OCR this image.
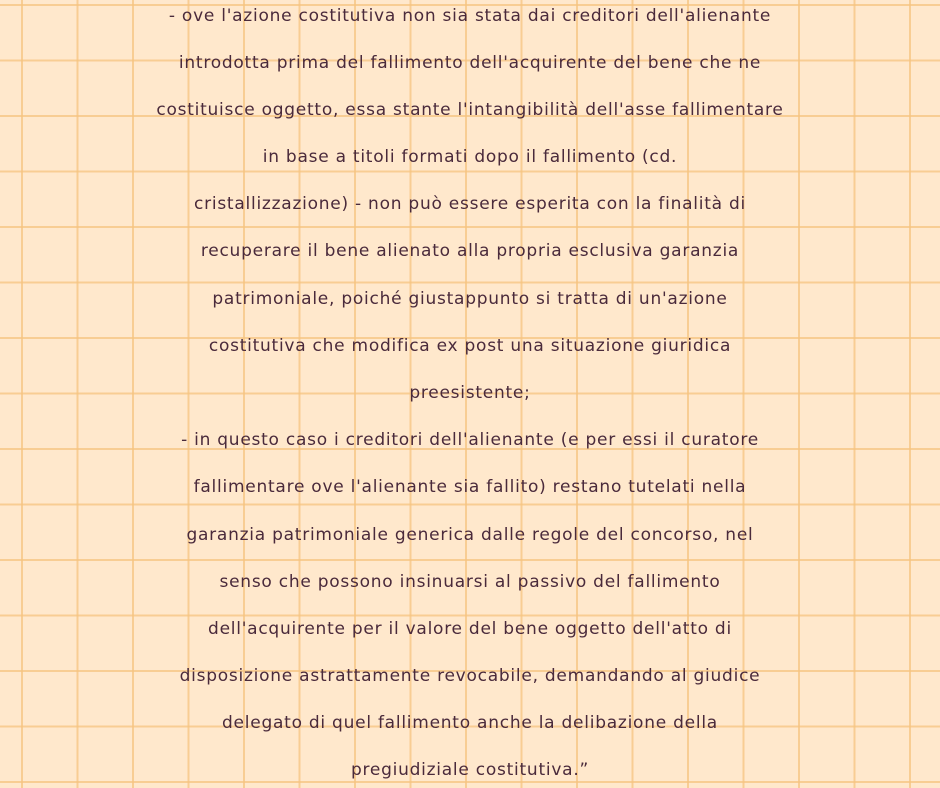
- ove l'azione costitutiva non sia stata dai creditori dell'alienante
introdotta prima del fallimento dell'acquirente del bene che ne
costituisce oggetto, essa stante l'intangibilità dell'asse fallimentare
in base a titoli formati dopo il fallimento (cd.
cristallizzazione) - non può essere esperita con la finalità di
recuperare il bene alienato alla propria esclusiva garanzia
patrimoniale, poiché giustappunto si tratta di un'azione
costitutiva che modifica ex post una situazione giuridica
preesistente;
- in questo caso i creditori dell'alienante (e per essi il curatore
fallimentare ove l'alienante sia fallito) restano tutelati nella
garanzia patrimoniale generica dalle regole del concorso, nel
senso che possono insinuarsi al passivo del fallimento
dell'acquirente per il valore del bene oggetto dell'atto di
disposizione astrattamente revocabile, demandando al giudice
delegato di quel fallimento anche la delibazione della
pregiudiziale costitutiva.”
